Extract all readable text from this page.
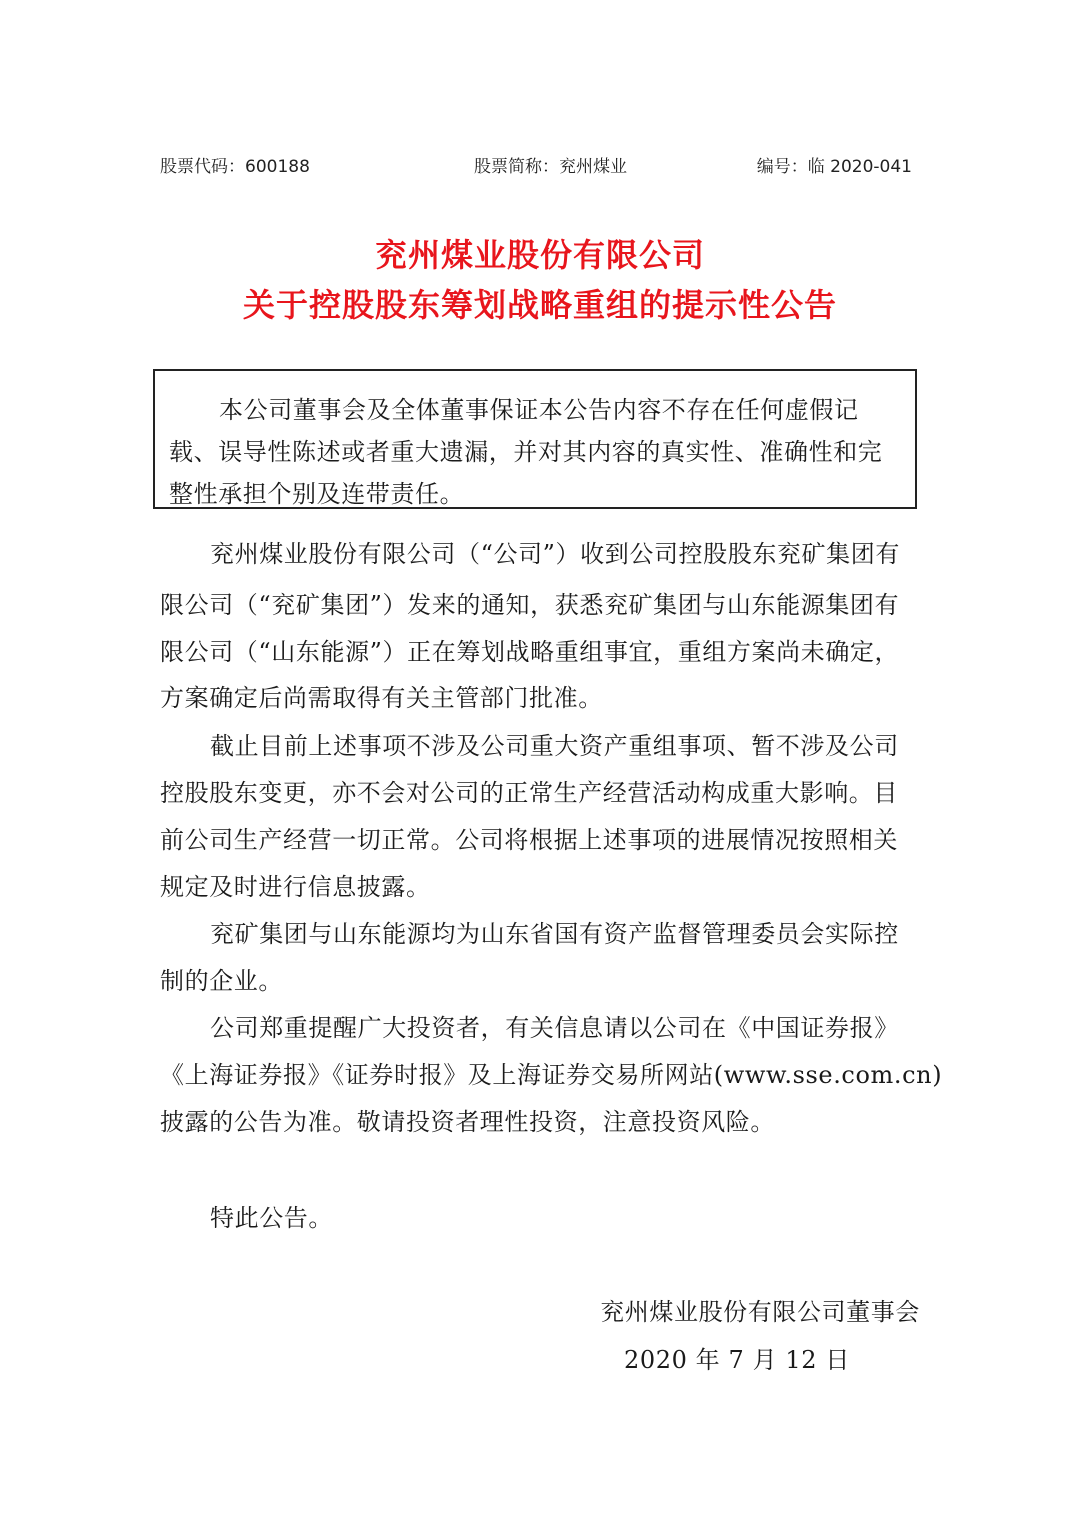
股票代码：600188	股票简称：兖州煤业	编号：临 2020-041
兖州煤业股份有限公司
关于控股股东筹划战略重组的提示性公告
本公司董事会及全体董事保证本公告内容不存在任何虚假记
载、误导性陈述或者重大遗漏，并对其内容的真实性、准确性和完
整性承担个别及连带责任。
兖州煤业股份有限公司（“公司”）收到公司控股股东兖矿集团有
限公司（“兖矿集团”）发来的通知，获悉兖矿集团与山东能源集团有
限公司（“山东能源”）正在筹划战略重组事宜，重组方案尚未确定，
方案确定后尚需取得有关主管部门批准。
截止目前上述事项不涉及公司重大资产重组事项、暂不涉及公司
控股股东变更，亦不会对公司的正常生产经营活动构成重大影响。目
前公司生产经营一切正常。公司将根据上述事项的进展情况按照相关
规定及时进行信息披露。
兖矿集团与山东能源均为山东省国有资产监督管理委员会实际控
制的企业。
公司郑重提醒广大投资者，有关信息请以公司在《中国证券报》
《上海证券报》《证券时报》及上海证券交易所网站(www.sse.com.cn)
披露的公告为准。敬请投资者理性投资，注意投资风险。
特此公告。
兖州煤业股份有限公司董事会
2020 年 7 月 12 日
